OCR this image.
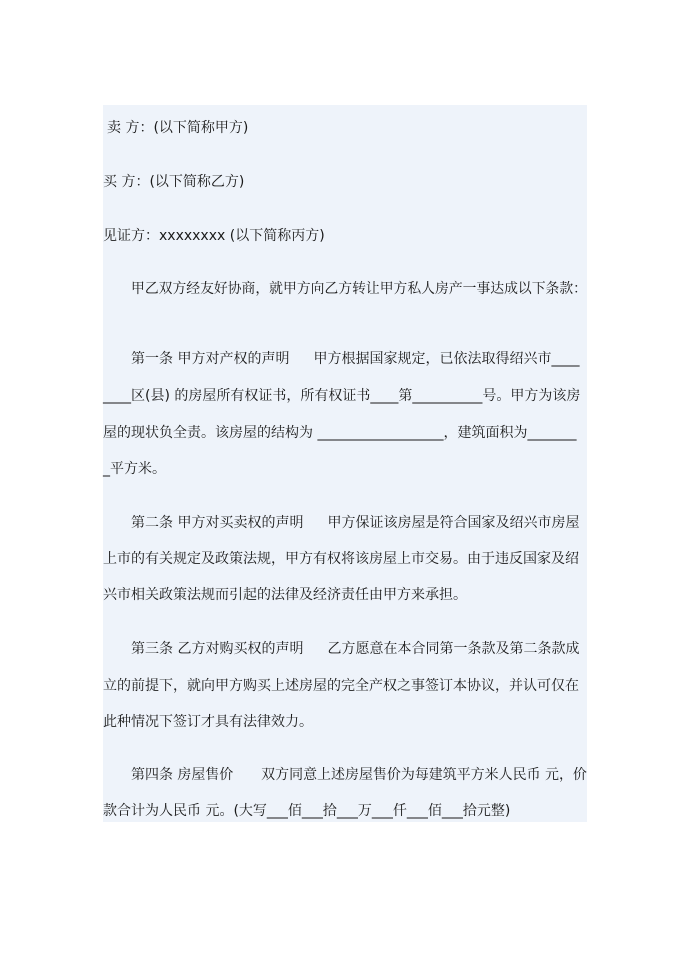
卖 方：(以下简称甲方)
买 方：(以下简称乙方)
见证方：xxxxxxxx (以下简称丙方)
甲乙双方经友好协商，就甲方向乙方转让甲方私人房产一事达成以下条款：
第一条 甲方对产权的声明 甲方根据国家规定，已依法取得绍兴市____
____区(县) 的房屋所有权证书，所有权证书____第__________号。甲方为该房
屋的现状负全责。该房屋的结构为 __________________，建筑面积为_______
_平方米。
第二条 甲方对买卖权的声明 甲方保证该房屋是符合国家及绍兴市房屋
上市的有关规定及政策法规，甲方有权将该房屋上市交易。由于违反国家及绍
兴市相关政策法规而引起的法律及经济责任由甲方来承担。
第三条 乙方对购买权的声明 乙方愿意在本合同第一条款及第二条款成
立的前提下，就向甲方购买上述房屋的完全产权之事签订本协议，并认可仅在
此种情况下签订才具有法律效力。
第四条 房屋售价 双方同意上述房屋售价为每建筑平方米人民币 元，价
款合计为人民币 元。(大写___佰___拾___万___仟___佰___拾元整)
